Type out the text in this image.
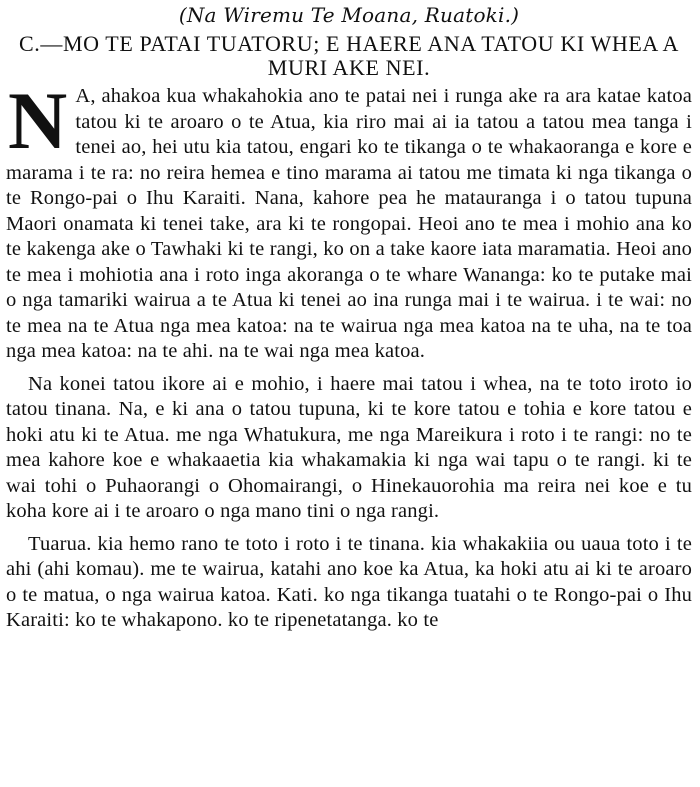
(Na Wiremu Te Moana, Ruatoki.)
C.—MO TE PATAI TUATORU; E HAERE ANA TATOU KI WHEA A MURI AKE NEI.

N A, ahakoa kua whakahokia ano te patai nei i runga ake ra ara katae katoa tatou ki te aroaro o te Atua, kia riro mai ai ia tatou a tatou mea tanga i tenei ao, hei utu kia tatou, engari ko te tikanga o te whakaoranga e kore e marama i te ra: no reira hemea e tino marama ai tatou me timata ki nga tikanga o te Rongo-pai o Ihu Karaiti. Nana, kahore pea he matauranga i o tatou tupuna Maori onamata ki tenei take, ara ki te rongopai. Heoi ano te mea i mohio ana ko te kakenga ake o Tawhaki ki te rangi, ko on a take kaore iata maramatia. Heoi ano te mea i mohiotia ana i roto inga akoranga o te whare Wananga: ko te putake mai o nga tamariki wairua a te Atua ki tenei ao ina runga mai i te wairua. i te wai: no te mea na te Atua nga mea katoa: na te wairua nga mea katoa na te uha, na te toa nga mea katoa: na te ahi. na te wai nga mea katoa.

Na konei tatou ikore ai e mohio, i haere mai tatou i whea, na te toto iroto io tatou tinana. Na, e ki ana o tatou tupuna, ki te kore tatou e tohia e kore tatou e hoki atu ki te Atua. me nga Whatukura, me nga Mareikura i roto i te rangi: no te mea kahore koe e whakaaetia kia whakamakia ki nga wai tapu o te rangi. ki te wai tohi o Puhaorangi o Ohomairangi, o Hinekauorohia ma reira nei koe e tu koha kore ai i te aroaro o nga mano tini o nga rangi.

Tuarua. kia hemo rano te toto i roto i te tinana. kia whakakiia ou uaua toto i te ahi (ahi komau). me te wairua, katahi ano koe ka Atua, ka hoki atu ai ki te aroaro o te matua, o nga wairua katoa. Kati. ko nga tikanga tuatahi o te Rongo-pai o Ihu Karaiti: ko te whakapono. ko te ripenetatanga. ko te
